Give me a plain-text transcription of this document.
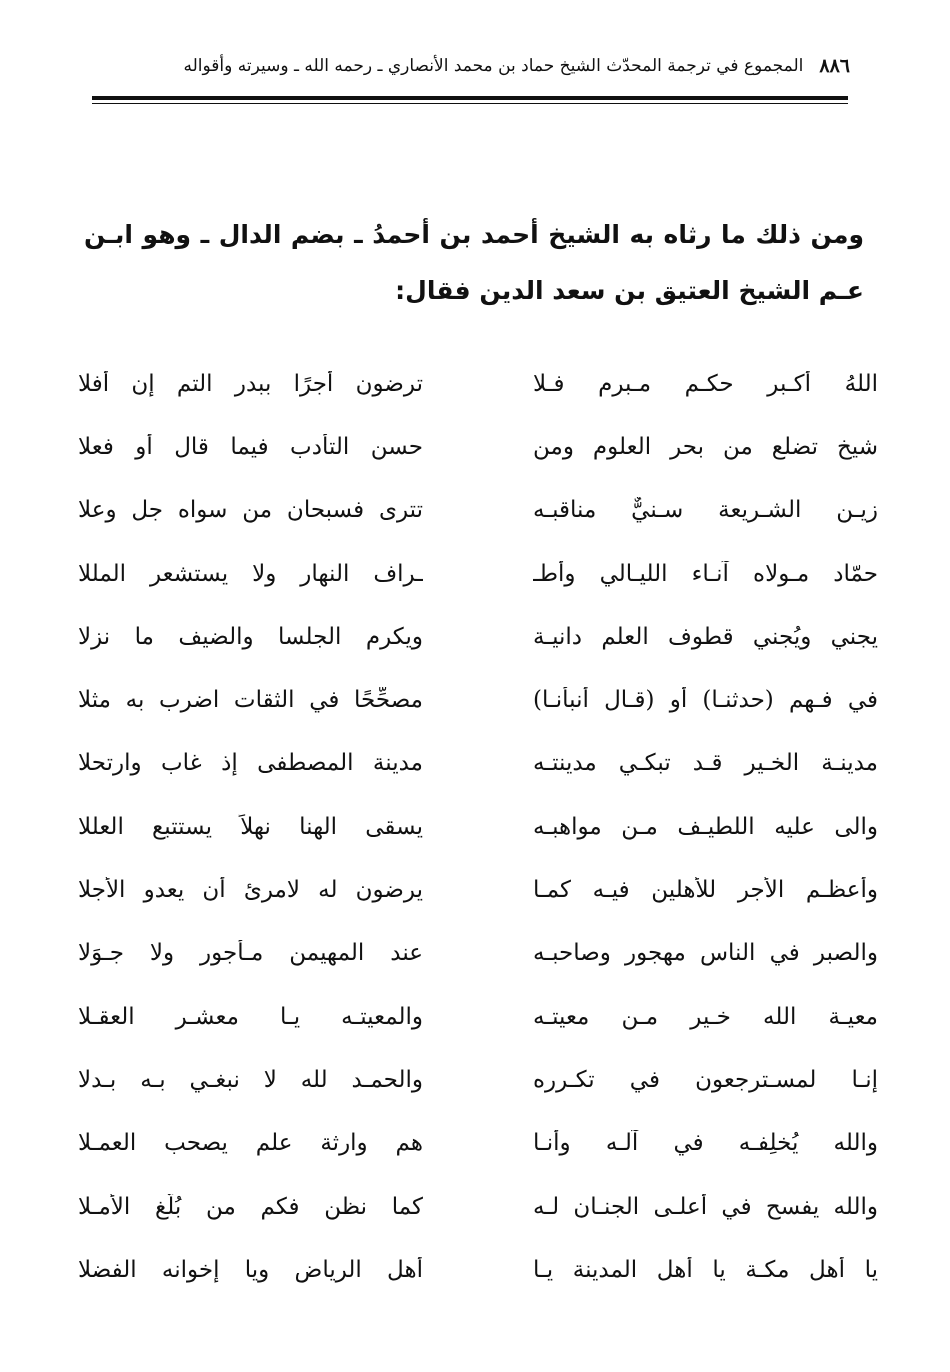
٨٨٦
المجموع في ترجمة المحدّث الشيخ حماد بن محمد الأنصاري ـ رحمه الله ـ وسيرته وأقواله

ومن ذلك ما رثاه به الشيخ أحمد بن أحمدُ ـ بضم الدال ـ وهو ابـن عـم الشيخ العتيق بن سعد الدين فقال:

اللهُ أكـبر حكـم مـبرم فـلا
ترضون أجرًا ببدر التم إن أفلا
شيخ تضلع من بحر العلوم ومن
حسن التأدب فيما قال أو فعلا
زيـن الشـريعة سـنيٌّ مناقبـه
تترى فسبحان من سواه جل وعلا
حمّاد مـولاه آنـاء الليـالي وأطـ
ـراف النهار ولا يستشعر المللا
يجني ويُجني قطوف العلم دانيـة
ويكرم الجلسا والضيف ما نزلا
في فـهم (حدثنـا) أو (قـال أنبأنـا)
مصحِّحًا في الثقات اضرب به مثلا
مدينـة الخـير قـد تبكـي مدينتـه
مدينة المصطفى إذ غاب وارتحلا
والى عليه اللطيـف مـن مواهبـه
يسقى الهنا نهلاً يستتبع العللا
وأعظـم الأجر للأهلين فيـه كمـا
يرضون له لامرئ أن يعدو الأجلا
والصبر في الناس مهجور وصاحبـه
عند المهيمن مـأجور ولا جـوَلا
معيـة الله خـير مـن معيتـه
والمعيتـه يـا معشـر العقـلا
إنـا لمسـترجعون في تكـرره
والحمـد لله لا نبغـي بـه بـدلا
والله يُخلِفـه في آلـه وأنـا
هم وارثة علم يصحب العمـلا
والله يفسح في أعلـى الجنـان لـه
كما نظن فكم من بُلّغ الأمـلا
يا أهل مكـة يا أهل المدينة يـا
أهل الرياض ويا إخوانه الفضلا
